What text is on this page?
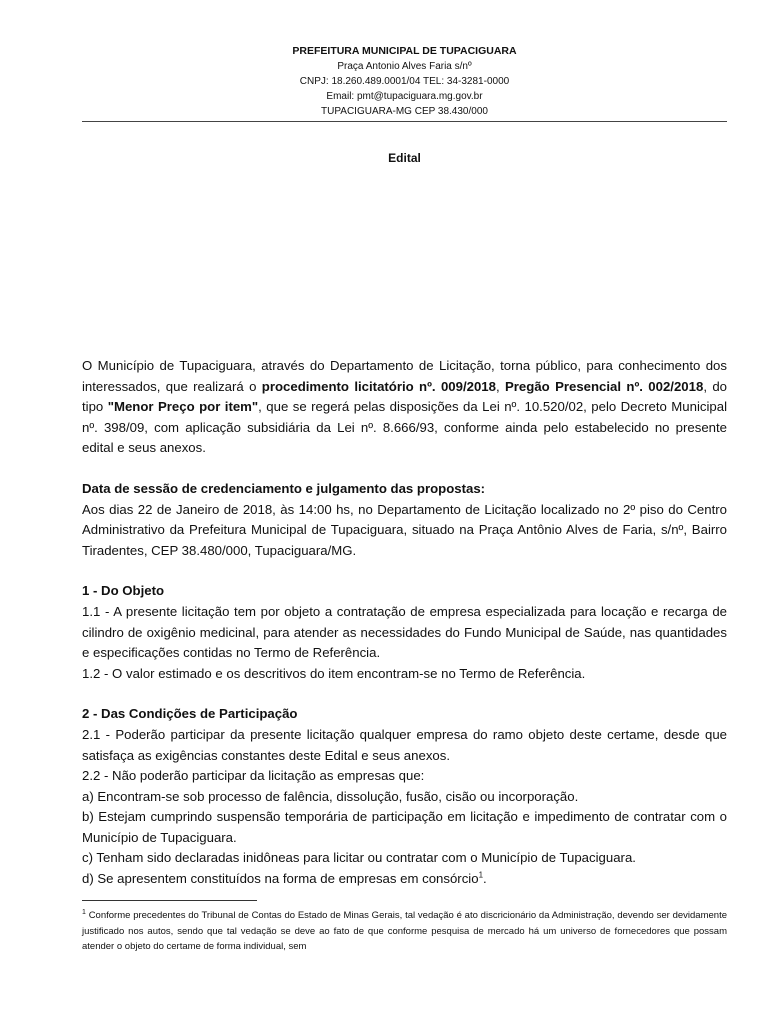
PREFEITURA MUNICIPAL DE TUPACIGUARA
Praça Antonio Alves Faria s/nº
CNPJ: 18.260.489.0001/04 TEL: 34-3281-0000
Email: pmt@tupaciguara.mg.gov.br
TUPACIGUARA-MG CEP 38.430/000
Edital

O Município de Tupaciguara, através do Departamento de Licitação, torna público, para conhecimento dos interessados, que realizará o procedimento licitatório nº. 009/2018, Pregão Presencial nº. 002/2018, do tipo "Menor Preço por item", que se regerá pelas disposições da Lei nº. 10.520/02, pelo Decreto Municipal nº. 398/09, com aplicação subsidiária da Lei nº. 8.666/93, conforme ainda pelo estabelecido no presente edital e seus anexos.

Data de sessão de credenciamento e julgamento das propostas:

Aos dias 22 de Janeiro de 2018, às 14:00 hs, no Departamento de Licitação localizado no 2º piso do Centro Administrativo da Prefeitura Municipal de Tupaciguara, situado na Praça Antônio Alves de Faria, s/nº, Bairro Tiradentes, CEP 38.480/000, Tupaciguara/MG.

1 - Do Objeto

1.1 - A presente licitação tem por objeto a contratação de empresa especializada para locação e recarga de cilindro de oxigênio medicinal, para atender as necessidades do Fundo Municipal de Saúde, nas quantidades e especificações contidas no Termo de Referência.

1.2 - O valor estimado e os descritivos do item encontram-se no Termo de Referência.

2 - Das Condições de Participação

2.1 - Poderão participar da presente licitação qualquer empresa do ramo objeto deste certame, desde que satisfaça as exigências constantes deste Edital e seus anexos.

2.2 - Não poderão participar da licitação as empresas que:

a) Encontram-se sob processo de falência, dissolução, fusão, cisão ou incorporação.

b) Estejam cumprindo suspensão temporária de participação em licitação e impedimento de contratar com o Município de Tupaciguara.

c) Tenham sido declaradas inidôneas para licitar ou contratar com o Município de Tupaciguara.

d) Se apresentem constituídos na forma de empresas em consórcio$^1$.

$^1$ Conforme precedentes do Tribunal de Contas do Estado de Minas Gerais, tal vedação é ato discricionário da Administração, devendo ser devidamente justificado nos autos, sendo que tal vedação se deve ao fato de que conforme pesquisa de mercado há um universo de fornecedores que possam atender o objeto do certame de forma individual, sem
